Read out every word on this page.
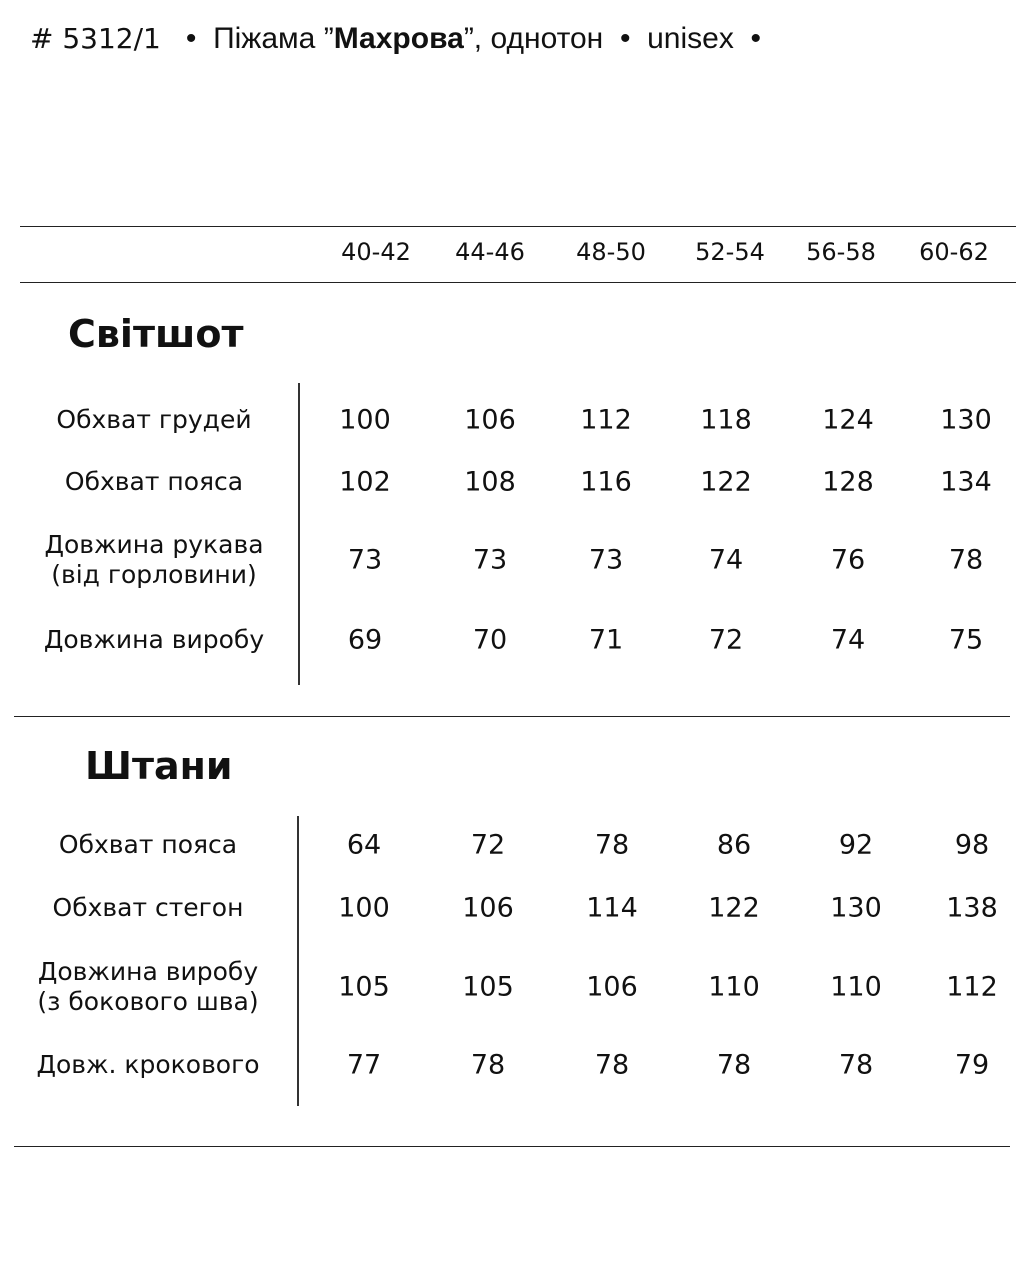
# 5312/1 • Піжама ”Махрова”, однотон • unisex •
40-42 44-46 48-50 52-54 56-58 60-62
Світшот
Обхват грудей	100	106 112	118	124 130
Обхват пояса	102	108 116	122	128 134
Довжина рукава
(від горловини)	73	73	73	74	76	78
Довжина виробу	69	70	71	72	74	75
Штани
Обхват пояса	64	72	78	86	92	98
Обхват стегон	100	106	114	122	130 138
Довжина виробу
(з бокового шва)	105	105	106	110	110 112
Довж. крокового	77	78	78	78	78	79
